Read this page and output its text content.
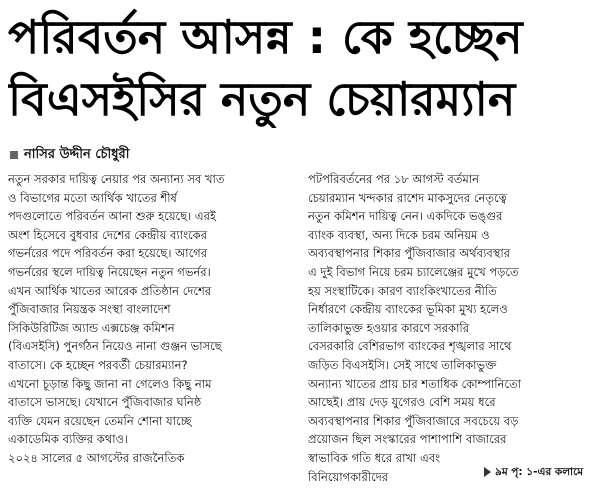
পরিবর্তন আসন্ন : কে হচ্ছেন
বিএসইসির নতুন চেয়ারম্যান
নাসির উদ্দীন চৌধুরী

নতুন সরকার দায়িত্ব নেয়ার পর অন্যান্য সব খাত

ও বিভাগের মতো আর্থিক খাতের শীর্ষ

পদগুলোতে পরিবর্তন আনা শুরু হয়েছে। এরই

অংশ হিসেবে বুধবার দেশের কেন্দ্রীয় ব্যাংকের

গভর্নরের পদে পরিবর্তন করা হয়েছে। আগের

গভর্নরের স্থলে দায়িত্ব নিয়েছেন নতুন গভর্নর।

এখন আর্থিক খাতের আরেক প্রতিষ্ঠান দেশের

পুঁজিবাজার নিয়ন্ত্রক সংস্থা বাংলাদেশ

সিকিউরিটিজ অ্যান্ড এক্সচেঞ্জ কমিশন

(বিএসইসি) পুনর্গঠন নিয়েও নানা গুঞ্জন ভাসছে

বাতাসে। কে হচ্ছেন পরবর্তী চেয়ারম্যান?

এখনো চূড়ান্ত কিছু জানা না গেলেও কিছু নাম

বাতাসে ভাসছে। যেখানে পুঁজিবাজার ঘনিষ্ঠ

ব্যক্তি যেমন রয়েছেন তেমনি শোনা যাচ্ছে

একাডেমিক ব্যক্তির কথাও।

২০২৪ সালের ৫ আগস্টের রাজনৈতিক

পটপরিবর্তনের পর ১৮ আগস্ট বর্তমান

চেয়ারম্যান খন্দকার রাশেদ মাকসুদের নেতৃত্বে

নতুন কমিশন দায়িত্ব নেন। একদিকে ভঙ্গুর

ব্যাংক ব্যবস্থা, অন্য দিকে চরম অনিয়ম ও

অব্যবস্থাপনার শিকার পুঁজিবাজার অর্থব্যবস্থার

এ দুই বিভাগ নিয়ে চরম চ্যালেঞ্জের মুখে পড়তে

হয় সংস্থাটিকে। কারণ ব্যাংকিংখাতের নীতি

নির্ধারণে কেন্দ্রীয় ব্যাংকের ভূমিকা মুখ্য হলেও

তালিকাভুক্ত হওয়ার কারণে সরকারি

বেসরকারি বেশিরভাগ ব্যাংকের শৃঙ্খলার সাথে

জড়িত বিএসইসি। সেই সাথে তালিকাভুক্ত

অন্যান্য খাতের প্রায় চার শতাধিক কোম্পানিতো

আছেই। প্রায় দেড় যুগেরও বেশি সময় ধরে

অব্যবস্থাপনার শিকার পুঁজিবাজারে সবচেয়ে বড়

প্রয়োজন ছিল সংস্কারের পাশাপাশি বাজারের

স্বাভাবিক গতি ধরে রাখা এবং

বিনিয়োগকারীদের	৯ম পৃ: ১-এর কলামে
